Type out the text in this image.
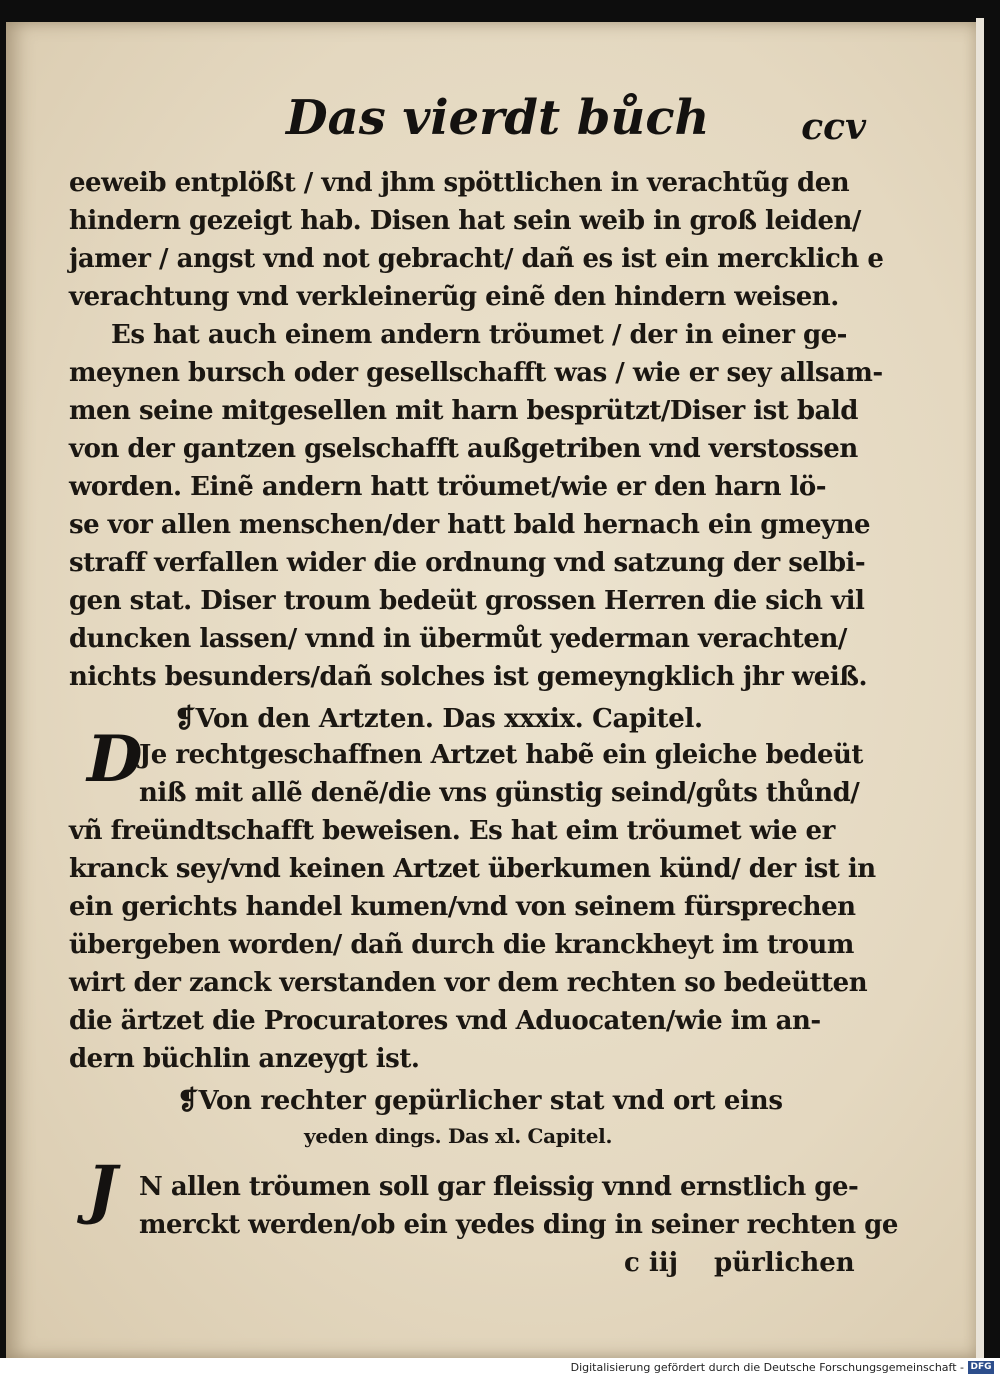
Das vierdt bůch	ccv
eeweib entplößt / vnd jhm spöttlichen in verachtũg den
hindern gezeigt hab. Disen hat sein weib in groß leiden/
jamer / angst vnd not gebracht/ dañ es ist ein mercklich e
verachtung vnd verkleinerũg einẽ den hindern weisen.
Es hat auch einem andern tröumet / der in einer ge-
meynen bursch oder gesellschafft was / wie er sey allsam-
men seine mitgesellen mit harn besprützt/Diser ist bald
von der gantzen gselschafft außgetriben vnd verstossen
worden. Einẽ andern hatt tröumet/wie er den harn lö-
se vor allen menschen/der hatt bald hernach ein gmeyne
straff verfallen wider die ordnung vnd satzung der selbi-
gen stat. Diser troum bedeüt grossen Herren die sich vil
duncken lassen/ vnnd in übermůt yederman verachten/
nichts besunders/dañ solches ist gemeyngklich jhr weiß.
❡Von den Artzten. Das xxxix. Capitel.
D
Je rechtgeschaffnen Artzet habẽ ein gleiche bedeüt
niß mit allẽ denẽ/die vns günstig seind/gůts thůnd/
vñ freündtschafft beweisen. Es hat eim tröumet wie er
kranck sey/vnd keinen Artzet überkumen künd/ der ist in
ein gerichts handel kumen/vnd von seinem fürsprechen
übergeben worden/ dañ durch die kranckheyt im troum
wirt der zanck verstanden vor dem rechten so bedeütten
die ärtzet die Procuratores vnd Aduocaten/wie im an-
dern büchlin anzeygt ist.
❡Von rechter gepürlicher stat vnd ort eins
yeden dings. Das xl. Capitel.
J N allen tröumen soll gar fleissig vnnd ernstlich ge-
merckt werden/ob ein yedes ding in seiner rechten ge
c iij pürlichen
Digitalisierung gefördert durch die Deutsche Forschungsgemeinschaft - DFG
